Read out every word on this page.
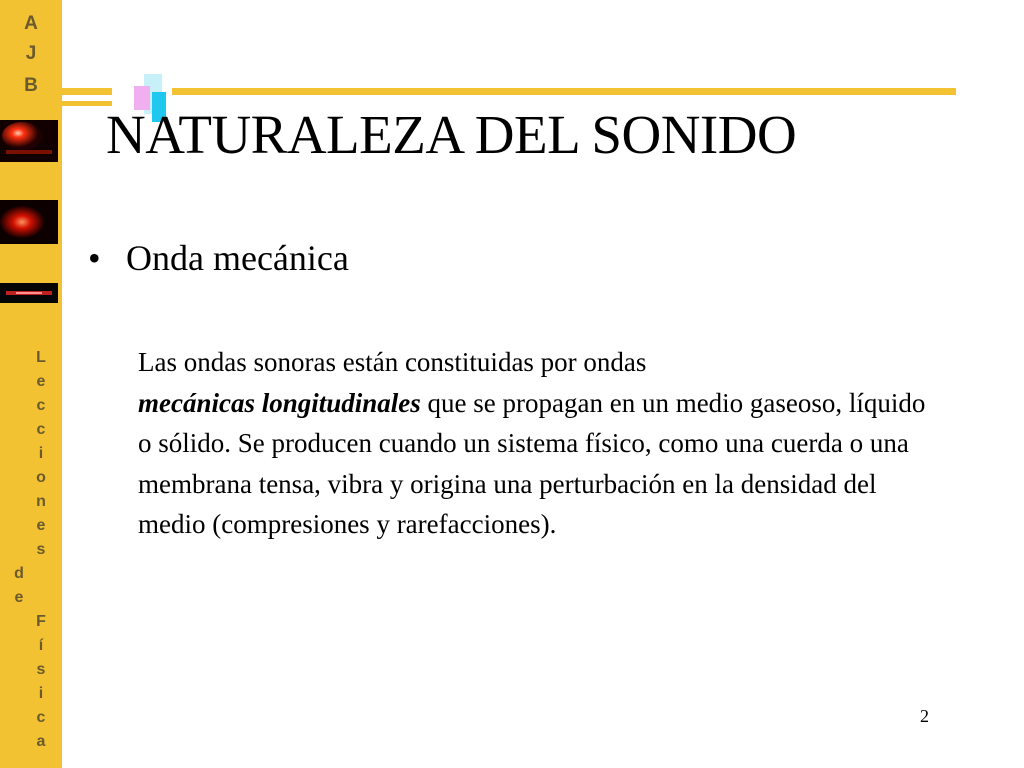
A
J
B
L
e
c
c
i
o
n
e
s
d
e
F
í
s
i
c
a
NATURALEZA DEL SONIDO
• Onda mecánica
Las ondas sonoras están constituidas por ondas
mecánicas longitudinales que se propagan en un medio gaseoso, líquido o sólido. Se producen cuando un sistema físico, como una cuerda o una membrana tensa, vibra y origina una perturbación en la densidad del medio (compresiones y rarefacciones).
2
